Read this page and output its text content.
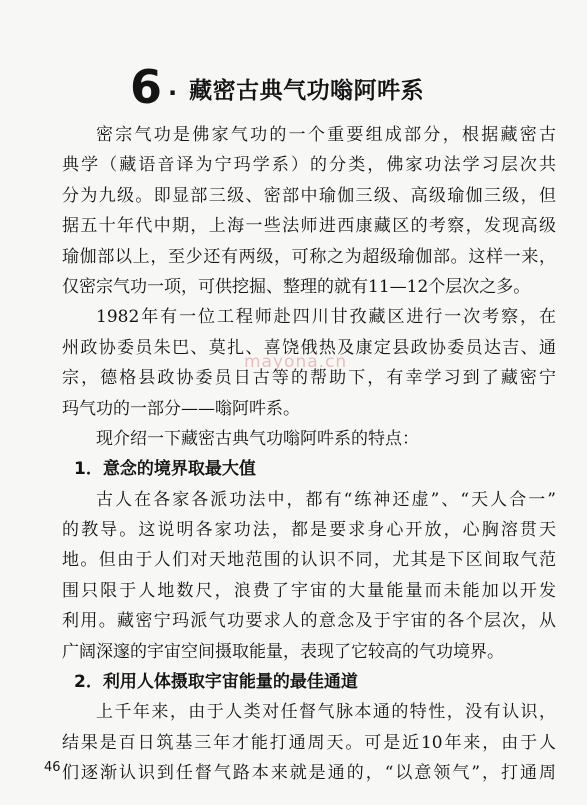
6 · 藏密古典气功嗡阿吽系
密宗气功是佛家气功的一个重要组成部分，根据藏密古
典学（藏语音译为宁玛学系）的分类，佛家功法学习层次共
分为九级。即显部三级、密部中瑜伽三级、高级瑜伽三级，但
据五十年代中期，上海一些法师进西康藏区的考察，发现高级
瑜伽部以上，至少还有两级，可称之为超级瑜伽部。这样一来，
仅密宗气功一项，可供挖掘、整理的就有11—12个层次之多。
1982年有一位工程师赴四川甘孜藏区进行一次考察，在
州政协委员朱巴、莫扎、喜饶俄热及康定县政协委员达吉、通
宗，德格县政协委员日古等的帮助下，有幸学习到了藏密宁
玛气功的一部分——嗡阿吽系。
现介绍一下藏密古典气功嗡阿吽系的特点：
1．意念的境界取最大值
古人在各家各派功法中，都有“练神还虚”、“天人合一”
的教导。这说明各家功法，都是要求身心开放，心胸溶贯天
地。但由于人们对天地范围的认识不同，尤其是下区间取气范
围只限于人地数尺，浪费了宇宙的大量能量而未能加以开发
利用。藏密宁玛派气功要求人的意念及于宇宙的各个层次，从
广阔深邃的宇宙空间摄取能量，表现了它较高的气功境界。
2．利用人体摄取宇宙能量的最佳通道
上千年来，由于人类对任督气脉本通的特性，没有认识，
结果是百日筑基三年才能打通周天。可是近10年来，由于人
们逐渐认识到任督气路本来就是通的，“以意领气”，打通周
mayona.cn
46
